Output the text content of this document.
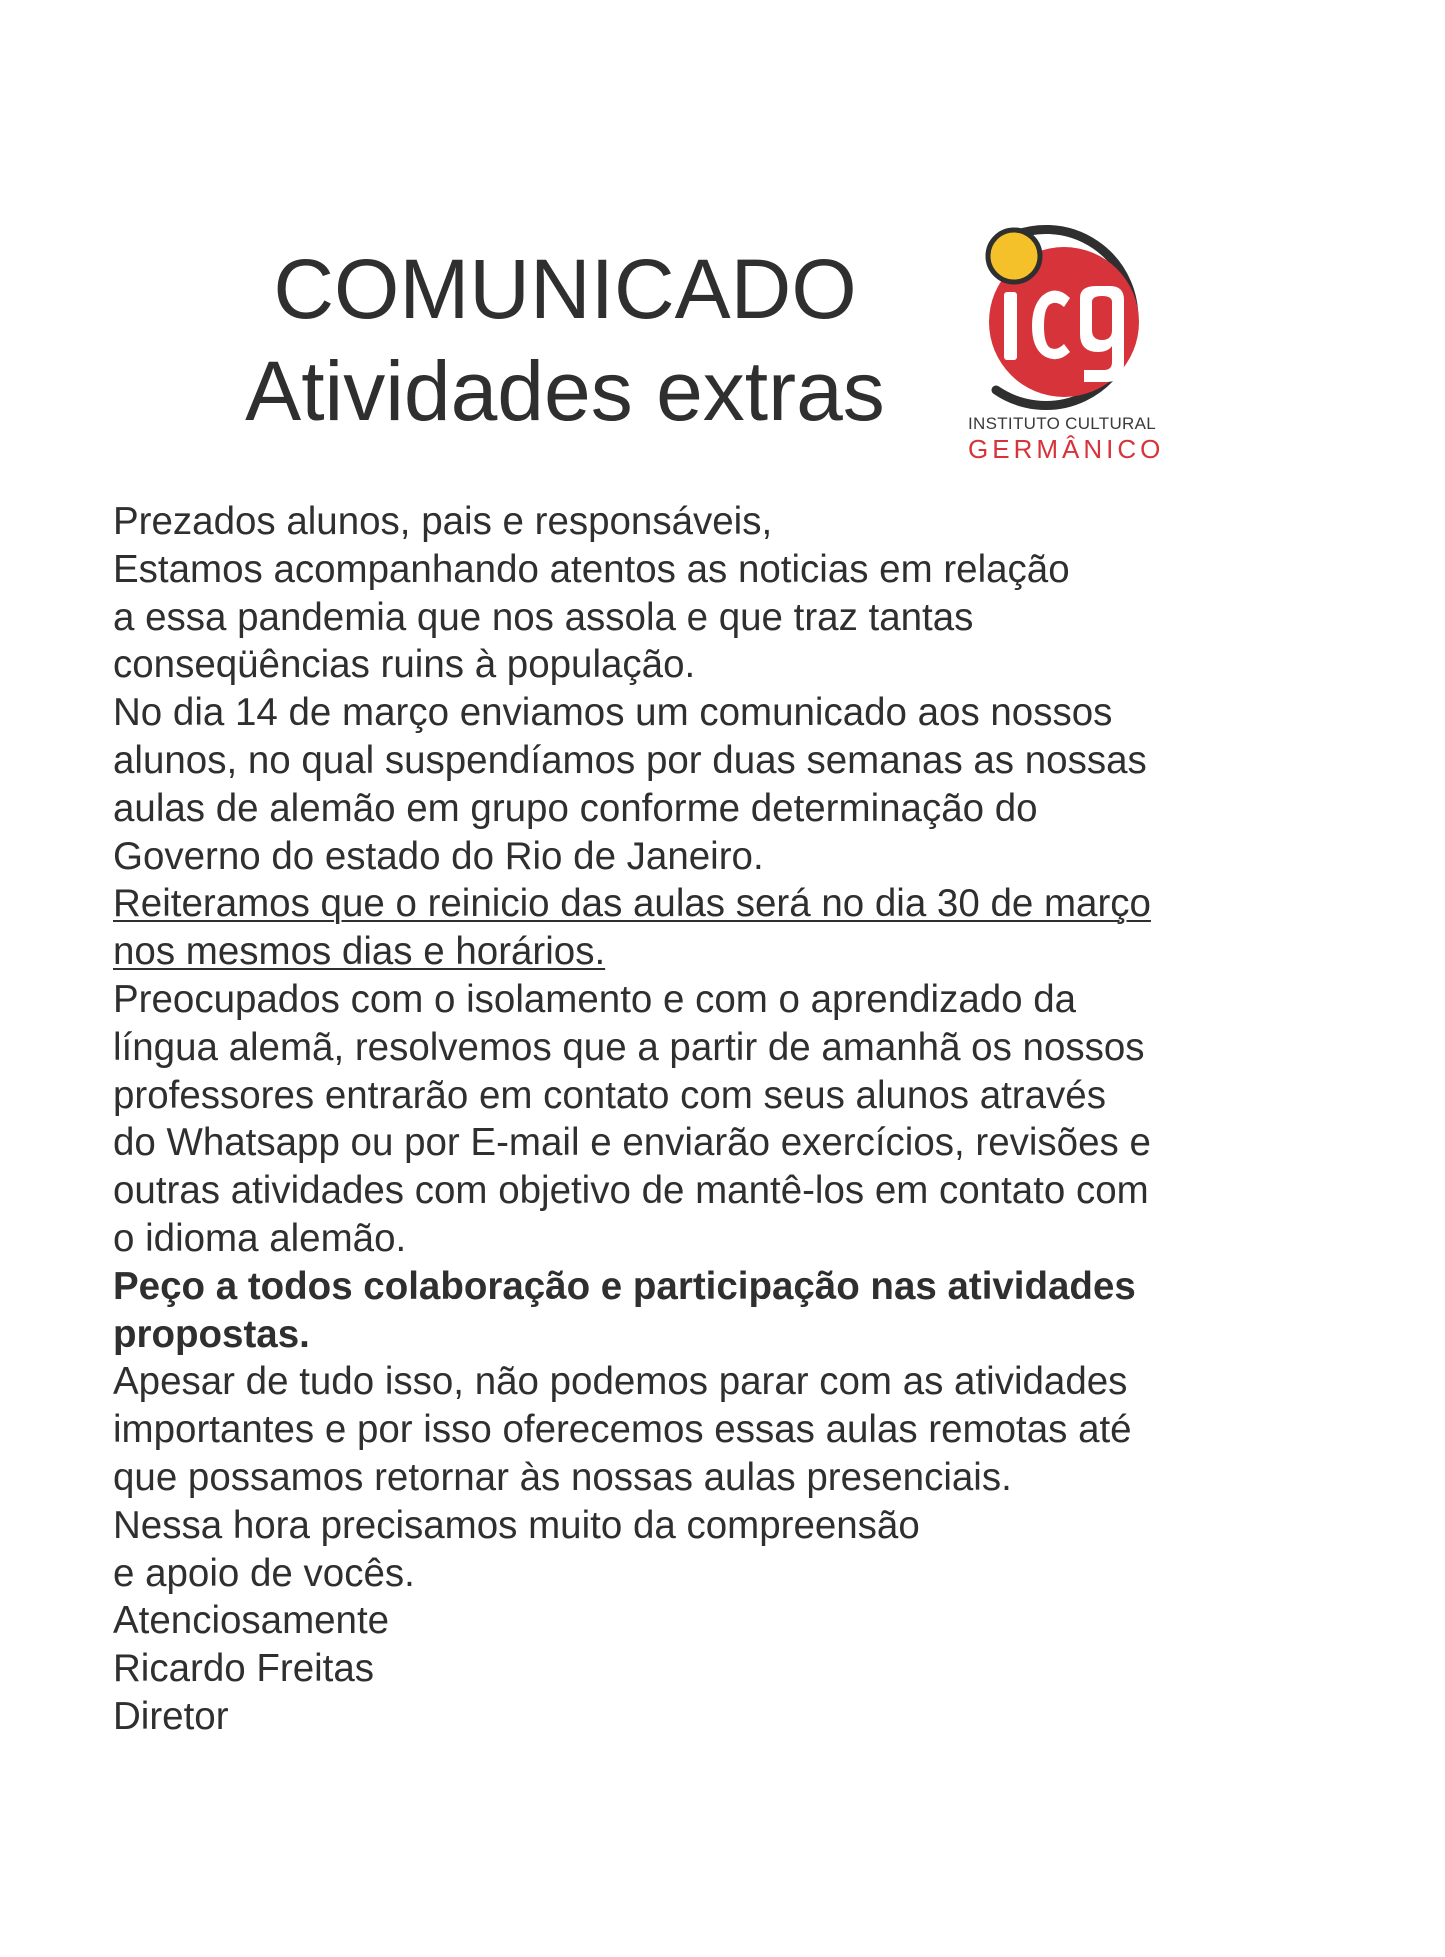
COMUNICADO
Atividades extras	INSTITUTO CULTURAL
GERMÂNICO
Prezados alunos, pais e responsáveis,
Estamos acompanhando atentos as noticias em relação
a essa pandemia que nos assola e que traz tantas
conseqüências ruins à população.
No dia 14 de março enviamos um comunicado aos nossos
alunos, no qual suspendíamos por duas semanas as nossas
aulas de alemão em grupo conforme determinação do
Governo do estado do Rio de Janeiro.
Reiteramos que o reinicio das aulas será no dia 30 de março
nos mesmos dias e horários.
Preocupados com o isolamento e com o aprendizado da
língua alemã, resolvemos que a partir de amanhã os nossos
professores entrarão em contato com seus alunos através
do Whatsapp ou por E-mail e enviarão exercícios, revisões e
outras atividades com objetivo de mantê-los em contato com
o idioma alemão.
Peço a todos colaboração e participação nas atividades
propostas.
Apesar de tudo isso, não podemos parar com as atividades
importantes e por isso oferecemos essas aulas remotas até
que possamos retornar às nossas aulas presenciais.
Nessa hora precisamos muito da compreensão
e apoio de vocês.
Atenciosamente
Ricardo Freitas
Diretor
